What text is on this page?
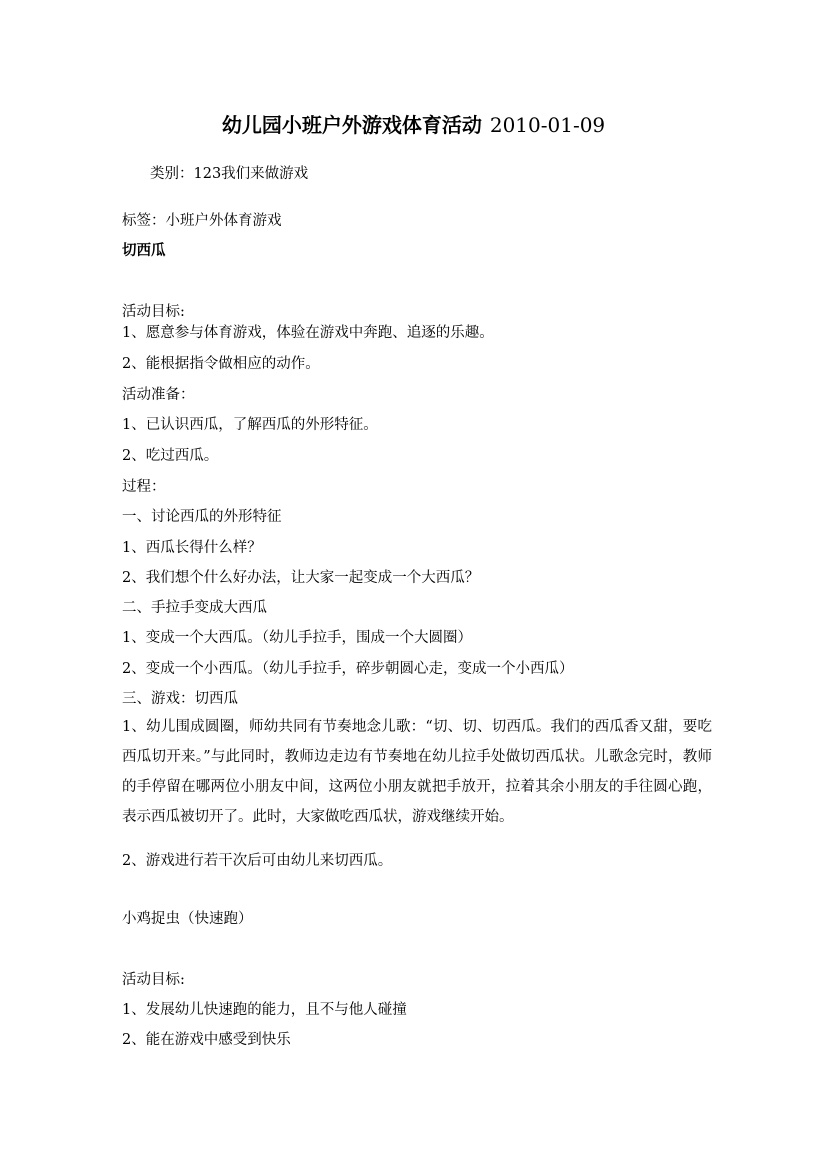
幼儿园小班户外游戏体育活动 2010-01-09
类别：123我们来做游戏
标签：小班户外体育游戏
切西瓜
活动目标:
1、愿意参与体育游戏，体验在游戏中奔跑、追逐的乐趣。
2、能根据指令做相应的动作。
活动准备：
1、已认识西瓜，了解西瓜的外形特征。
2、吃过西瓜。
过程：
一、讨论西瓜的外形特征
1、西瓜长得什么样？
2、我们想个什么好办法，让大家一起变成一个大西瓜？
二、手拉手变成大西瓜
1、变成一个大西瓜。（幼儿手拉手，围成一个大圆圈）
2、变成一个小西瓜。（幼儿手拉手，碎步朝圆心走，变成一个小西瓜）
三、游戏：切西瓜
1、幼儿围成圆圈，师幼共同有节奏地念儿歌：“切、切、切西瓜。我们的西瓜香又甜，要吃西瓜切开来。”与此同时，教师边走边有节奏地在幼儿拉手处做切西瓜状。儿歌念完时，教师的手停留在哪两位小朋友中间，这两位小朋友就把手放开，拉着其余小朋友的手往圆心跑，表示西瓜被切开了。此时，大家做吃西瓜状，游戏继续开始。
2、游戏进行若干次后可由幼儿来切西瓜。
小鸡捉虫（快速跑）
活动目标:
1、发展幼儿快速跑的能力，且不与他人碰撞
2、能在游戏中感受到快乐
